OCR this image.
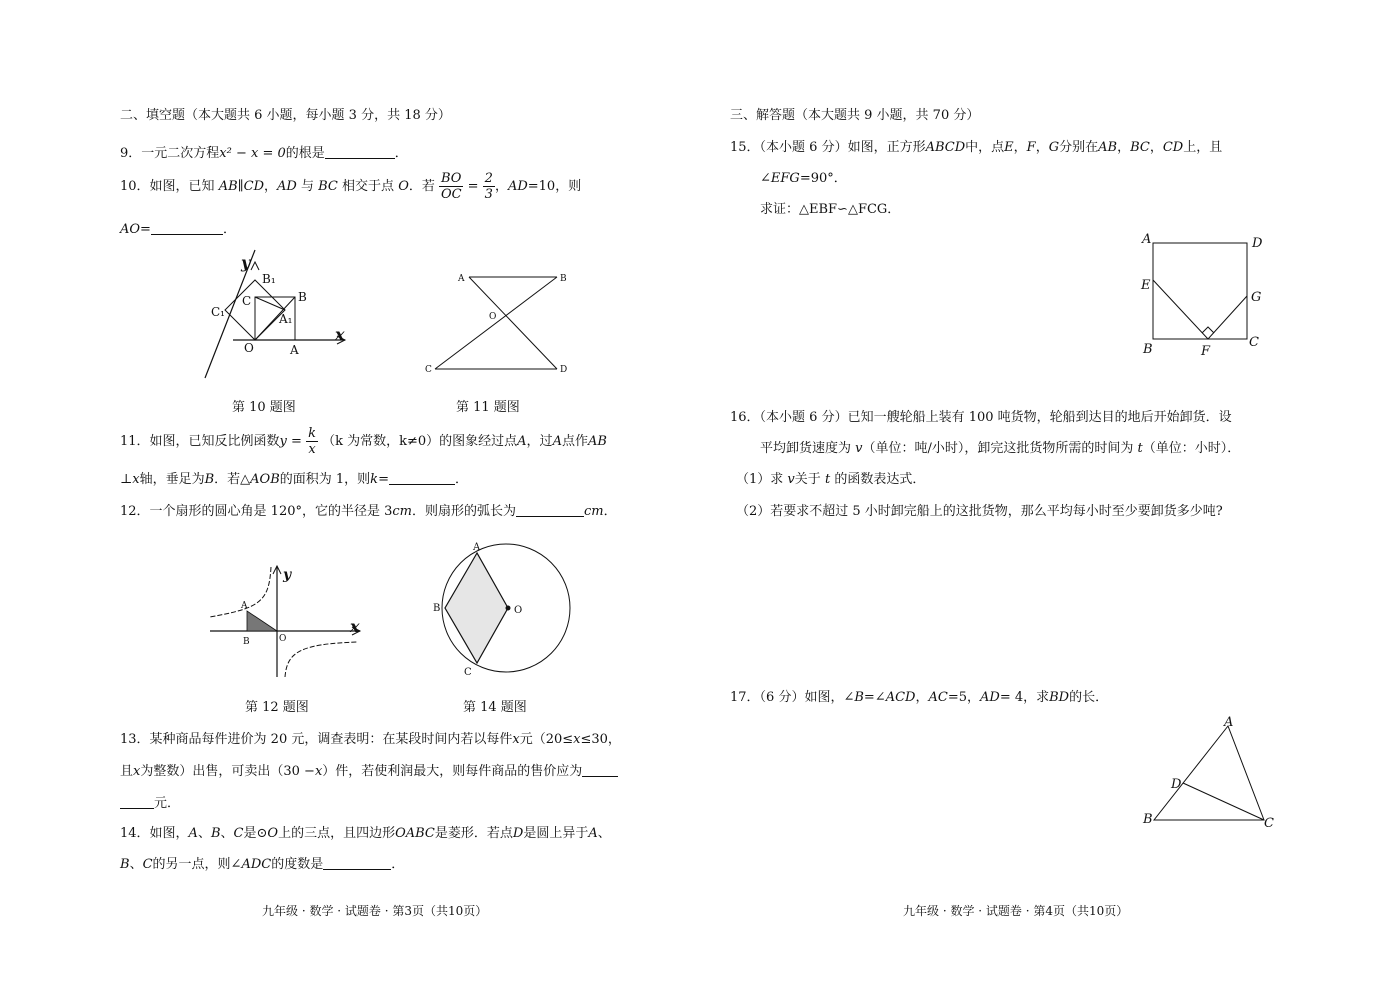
二、填空题（本大题共 6 小题，每小题 3 分，共 18 分）
9．一元二次方程x² − x = 0的根是	．
10．如图，已知 AB∥CD，AD 与 BC 相交于点 O．若 $\frac{BO}{OC} = \frac{2}{3}$ ，AD=10，则
AO=	．
y
x
B₁
B
C
C₁	A₁
O	A
第 10 题图
A	B
O
C	D
第 11 题图
11．如图，已知反比例函数$y = \frac{k}{x} (k$ 为常数，k≠0）的图象经过点A，过A点作AB
⊥x轴，垂足为B．若△AOB的面积为 1，则k=	．
12．一个扇形的圆心角是 120°，它的半径是 3cm．则扇形的弧长为	cm．
y
x
A
B	O
第 12 题图
A
B	O
C
第 14 题图
13．某种商品每件进价为 20 元，调查表明：在某段时间内若以每件x元（20≤x≤30，
且x为整数）出售，可卖出（30 −x）件，若使利润最大，则每件商品的售价应为
元．
14．如图，A、B、C是⊙O上的三点，且四边形OABC是菱形．若点D是圆上异于A、
B、C的另一点，则∠ADC的度数是	．
九年级 · 数学 · 试题卷 · 第3页（共10页）
三、解答题（本大题共 9 小题，共 70 分）
15．（本小题 6 分）如图，正方形ABCD中，点E，F，G分别在AB，BC，CD上，且
∠EFG=90°．
求证：△EBF∽△FCG．
A	D
E
G
B	F
C
16．（本小题 6 分）已知一艘轮船上装有 100 吨货物，轮船到达目的地后开始卸货．设
平均卸货速度为 v（单位：吨/小时），卸完这批货物所需的时间为 t（单位：小时）．
（1）求 v关于 t 的函数表达式．
（2）若要求不超过 5 小时卸完船上的这批货物，那么平均每小时至少要卸货多少吨?
17．（6 分）如图，∠B=∠ACD，AC=5，AD= 4，求BD的长．
A
D
B	C
九年级 · 数学 · 试题卷 · 第4页（共10页）
